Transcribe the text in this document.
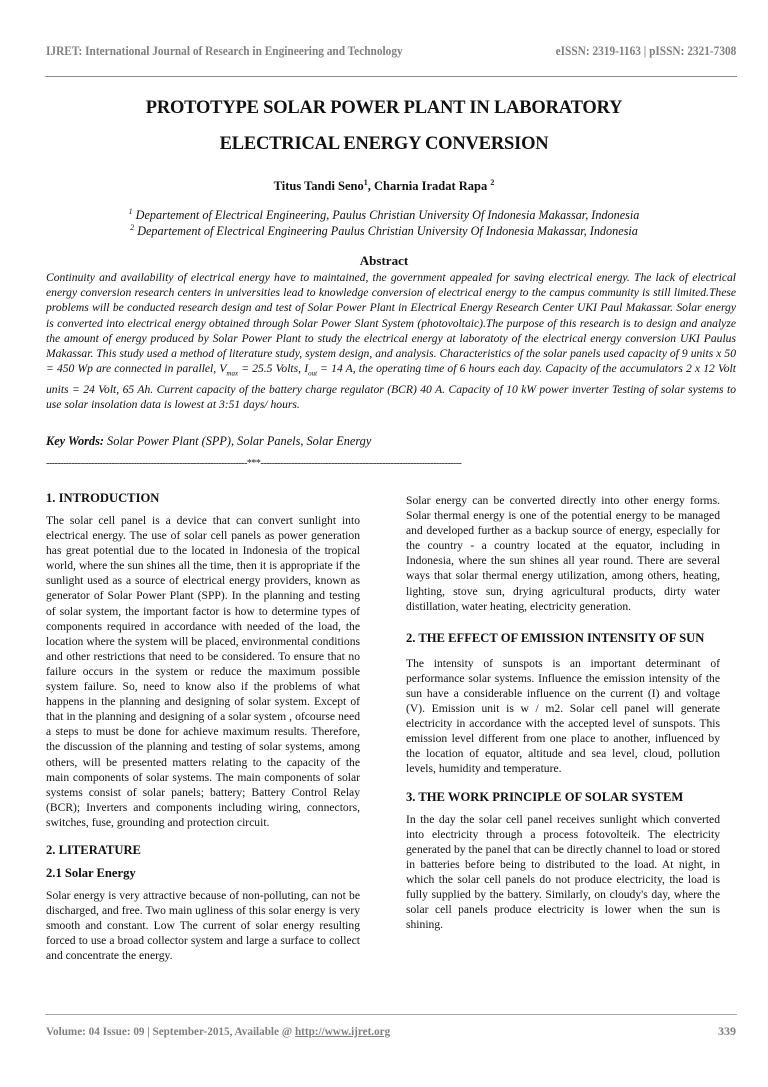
IJRET: International Journal of Research in Engineering and Technology	eISSN: 2319-1163 | pISSN: 2321-7308
PROTOTYPE SOLAR POWER PLANT IN LABORATORY
ELECTRICAL ENERGY CONVERSION
Titus Tandi Seno$^1$, Charnia Iradat Rapa $^2$
$^1$ Departement of Electrical Engineering, Paulus Christian University Of Indonesia Makassar, Indonesia
$^2$ Departement of Electrical Engineering Paulus Christian University Of Indonesia Makassar, Indonesia
Abstract
Continuity and availability of electrical energy have to maintained, the government appealed for saving electrical energy. The lack of electrical energy conversion research centers in universities lead to knowledge conversion of electrical energy to the campus community is still limited.These problems will be conducted research design and test of Solar Power Plant in Electrical Energy Research Center UKI Paul Makassar. Solar energy is converted into electrical energy obtained through Solar Power Slant System (photovoltaic).The purpose of this research is to design and analyze the amount of energy produced by Solar Power Plant to study the electrical energy at laboratoty of the electrical energy conversion UKI Paulus Makassar. This study used a method of literature study, system design, and analysis. Characteristics of the solar panels used capacity of 9 units x 50 = 450 Wp are connected in parallel, $V_{max} = 25.5$ Volts, $I_{out} = 14$ A, the operating time of 6 hours each day. Capacity of the accumulators 2 x 12 Volt units = 24 Volt, 65 Ah. Current capacity of the battery charge regulator (BCR) 40 A. Capacity of 10 kW power inverter Testing of solar systems to use solar insolation data is lowest at 3:51 days/ hours.
Key Words: Solar Power Plant (SPP), Solar Panels, Solar Energy
-----------------------------------------------------------------------***-----------------------------------------------------------------------
1. INTRODUCTION

The solar cell panel is a device that can convert sunlight into electrical energy. The use of solar cell panels as power generation has great potential due to the located in Indonesia of the tropical world, where the sun shines all the time, then it is appropriate if the sunlight used as a source of electrical energy providers, known as generator of Solar Power Plant (SPP). In the planning and testing of solar system, the important factor is how to determine types of components required in accordance with needed of the load, the location where the system will be placed, environmental conditions and other restrictions that need to be considered. To ensure that no failure occurs in the system or reduce the maximum possible system failure. So, need to know also if the problems of what happens in the planning and designing of solar system. Except of that in the planning and designing of a solar system , ofcourse need a steps to must be done for achieve maximum results. Therefore, the discussion of the planning and testing of solar systems, among others, will be presented matters relating to the capacity of the main components of solar systems. The main components of solar systems consist of solar panels; battery; Battery Control Relay (BCR); Inverters and components including wiring, connectors, switches, fuse, grounding and protection circuit.

2. LITERATURE
2.1 Solar Energy

Solar energy is very attractive because of non-polluting, can not be discharged, and free. Two main ugliness of this solar energy is very smooth and constant. Low The current of solar energy resulting forced to use a broad collector system and large a surface to collect and concentrate the energy.

Solar energy can be converted directly into other energy forms. Solar thermal energy is one of the potential energy to be managed and developed further as a backup source of energy, especially for the country - a country located at the equator, including in Indonesia, where the sun shines all year round. There are several ways that solar thermal energy utilization, among others, heating, lighting, stove sun, drying agricultural products, dirty water distillation, water heating, electricity generation.

2. THE EFFECT OF EMISSION INTENSITY OF SUN

The intensity of sunspots is an important determinant of performance solar systems. Influence the emission intensity of the sun have a considerable influence on the current (I) and voltage (V). Emission unit is w / m2. Solar cell panel will generate electricity in accordance with the accepted level of sunspots. This emission level different from one place to another, influenced by the location of equator, altitude and sea level, cloud, pollution levels, humidity and temperature.

3. THE WORK PRINCIPLE OF SOLAR SYSTEM

In the day the solar cell panel receives sunlight which converted into electricity through a process fotovolteik. The electricity generated by the panel that can be directly channel to load or stored in batteries before being to distributed to the load. At night, in which the solar cell panels do not produce electricity, the load is fully supplied by the battery. Similarly, on cloudy's day, where the solar cell panels produce electricity is lower when the sun is shining.

Volume: 04 Issue: 09 | September-2015, Available @ http://www.ijret.org	339
